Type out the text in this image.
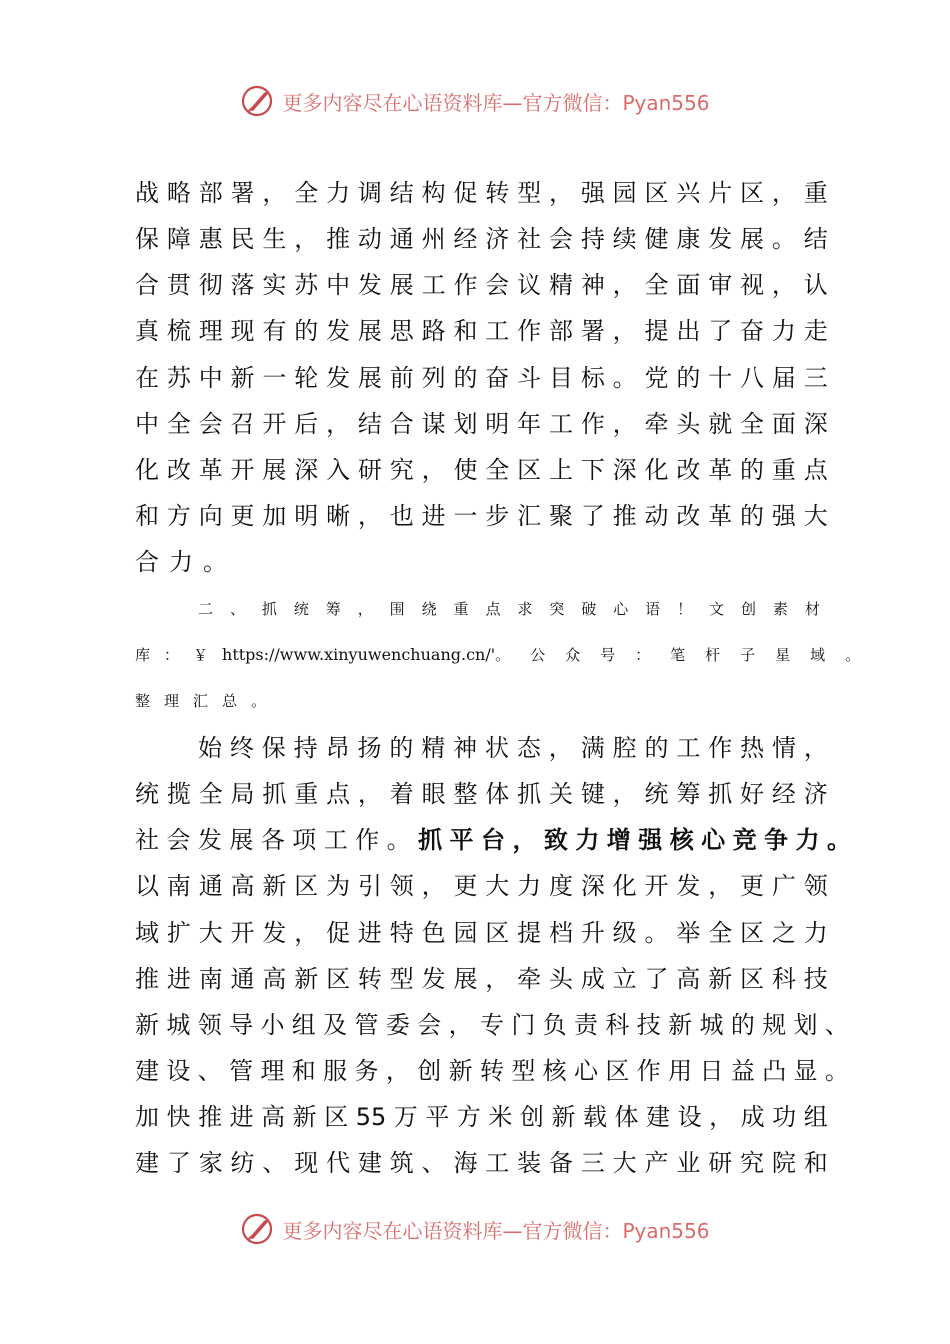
更多内容尽在心语资料库—官方微信：Pyan556
战 略 部 署 ， 全 力 调 结 构 促 转 型 ， 强 园 区 兴 片 区 ， 重
保 障 惠 民 生 ， 推 动 通 州 经 济 社 会 持 续 健 康 发 展 。 结
合 贯 彻 落 实 苏 中 发 展 工 作 会 议 精 神 ， 全 面 审 视 ， 认
真 梳 理 现 有 的 发 展 思 路 和 工 作 部 署 ， 提 出 了 奋 力 走
在 苏 中 新 一 轮 发 展 前 列 的 奋 斗 目 标 。 党 的 十 八 届 三
中 全 会 召 开 后 ， 结 合 谋 划 明 年 工 作 ， 牵 头 就 全 面 深
化 改 革 开 展 深 入 研 究 ， 使 全 区 上 下 深 化 改 革 的 重 点
和 方 向 更 加 明 晰 ， 也 进 一 步 汇 聚 了 推 动 改 革 的 强 大
合 力 。
二 、 抓 统 筹 ， 围 绕 重 点 求 突 破 心 语 ！ 文 创 素 材
库：￥ https://www.xinyuwenchuang.cn/' 。公众号：笔杆子星域。
整 理 汇 总 。
始 终 保 持 昂 扬 的 精 神 状 态 ， 满 腔 的 工 作 热 情 ，
统 揽 全 局 抓 重 点 ， 着 眼 整 体 抓 关 键 ， 统 筹 抓 好 经 济
社 会 发 展 各 项 工 作 。 抓 平 台 ， 致 力 增 强 核 心 竞 争 力 。
以 南 通 高 新 区 为 引 领 ， 更 大 力 度 深 化 开 发 ， 更 广 领
域 扩 大 开 发 ， 促 进 特 色 园 区 提 档 升 级 。 举 全 区 之 力
推 进 南 通 高 新 区 转 型 发 展 ， 牵 头 成 立 了 高 新 区 科 技
新 城 领 导 小 组 及 管 委 会 ， 专 门 负 责 科 技 新 城 的 规 划 、
建 设 、 管 理 和 服 务 ， 创 新 转 型 核 心 区 作 用 日 益 凸 显 。
加 快 推 进 高 新 区 55 万 平 方 米 创 新 载 体 建 设 ， 成 功 组
建 了 家 纺 、 现 代 建 筑 、 海 工 装 备 三 大 产 业 研 究 院 和
更多内容尽在心语资料库—官方微信：Pyan556
